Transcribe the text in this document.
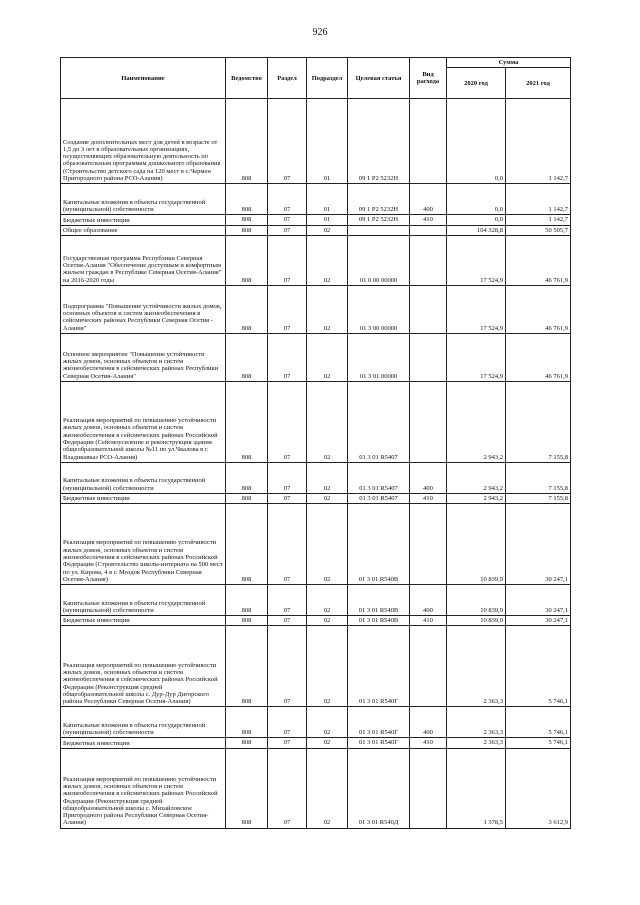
926
Наименование	Ведомство	Раздел	Подраздел	Целевая статья	Вид расхода	Сумма	
						2020 год	2021 год

Создание дополнительных мест для детей в возрасте от 1,5 до 3 лет в образовательных организациях, осуществляющих образовательную деятельность по образовательным программам дошкольного образования (Строительство детского сада на 120 мест в с.Чермен Пригородного района РСО-Алания)	808	07	01	09 1 P2 5232Н		0,0	1 142,7

Капитальные вложения в объекты государственной (муниципальной) собственности	808	07	01	09 1 P2 5232Н	400	0,0	1 142,7

Бюджетные инвестиции	808	07	01	09 1 P2 5232Н	410	0,0	1 142,7

Общее образование	808	07	02			104 328,8	50 505,7

Государственная программа Республики Северная Осетия-Алания "Обеспечение доступным и комфортным жильем граждан в Республике Северная Осетия-Алания" на 2016-2020 годы	808	07	02	01 0 00 00000		17 524,9	46 761,9

Подпрограмма "Повышение устойчивости жилых домов, основных объектов и систем жизнеобеспечения в сейсмических районах Республики Северная Осетия - Алания"	808	07	02	01 3 00 00000		17 524,9	46 761,9

Основное мероприятие "Повышение устойчивости жилых домов, основных объектов и систем жизнеобеспечения в сейсмических районах Республики Северная Осетия-Алания"	808	07	02	01 3 01 00000		17 524,9	46 761,9

Реализация мероприятий по повышению устойчивости жилых домов, основных объектов и систем жизнеобеспечения в сейсмических районах Российской Федерации (Сейсмоусиление и реконструкция здания общеобразовательной школы №11 по ул.Чкалова в г. Владикавказ РСО-Алания)	808	07	02	01 3 01 R5407		2 943,2	7 155,8

Капитальные вложения в объекты государственной (муниципальной) собственности	808	07	02	01 3 01 R5407	400	2 943,2	7 155,8

Бюджетные инвестиции	808	07	02	01 3 01 R5407	410	2 943,2	7 155,8

Реализация мероприятий по повышению устойчивости жилых домов, основных объектов и систем жизнеобеспечения в сейсмических районах Российской Федерации (Строительство школы-интерната на 500 мест по ул. Кирова, 4 в г. Моздок Республики Северная Осетия-Алания)	808	07	02	01 3 01 R540В		10 839,9	30 247,1

Капитальные вложения в объекты государственной (муниципальной) собственности	808	07	02	01 3 01 R540В	400	10 839,9	30 247,1

Бюджетные инвестиции	808	07	02	01 3 01 R540В	410	10 839,9	30 247,1

Реализация мероприятий по повышению устойчивости жилых домов, основных объектов и систем жизнеобеспечения в сейсмических районах Российской Федерации (Реконструкция средней общеобразовательной школы с. Дур-Дур Дигорского района Республики Северная Осетия-Алания)	808	07	02	01 3 01 R540Г		2 363,3	5 746,1

Капитальные вложения в объекты государственной (муниципальной) собственности	808	07	02	01 3 01 R540Г	400	2 363,3	5 746,1

Бюджетные инвестиции	808	07	02	01 3 01 R540Г	410	2 363,3	5 746,1

Реализация мероприятий по повышению устойчивости жилых домов, основных объектов и систем жизнеобеспечения в сейсмических районах Российской Федерации (Реконструкция средней общеобразовательной школы с. Михайловское Пригородного района Республики Северная Осетия-Алания)	808	07	02	01 3 01 R540Д		1 378,5	3 612,9
